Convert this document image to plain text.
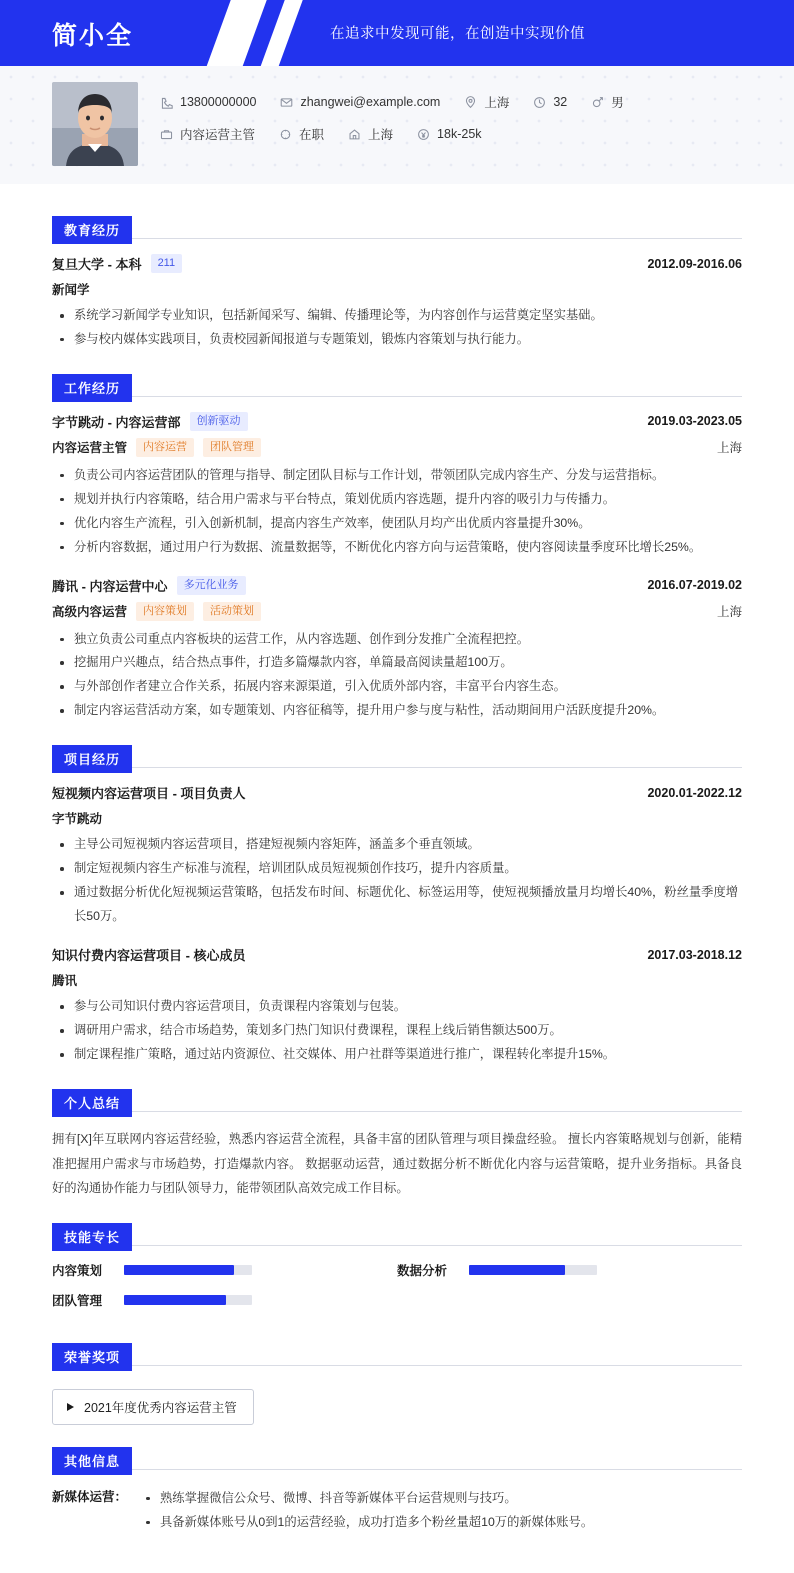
简小全	在追求中发现可能，在创造中实现价值
13800000000	zhangwei@example.com	上海	32	男
内容运营主管	在职	上海	18k-25k
教育经历
复旦大学 - 本科	211	2012.09-2016.06
新闻学
系统学习新闻学专业知识，包括新闻采写、编辑、传播理论等，为内容创作与运营奠定坚实基础。
参与校内媒体实践项目，负责校园新闻报道与专题策划，锻炼内容策划与执行能力。
工作经历
字节跳动 - 内容运营部	创新驱动	2019.03-2023.05
内容运营主管	内容运营	团队管理	上海
负责公司内容运营团队的管理与指导、制定团队目标与工作计划，带领团队完成内容生产、分发与运营指标。
规划并执行内容策略，结合用户需求与平台特点，策划优质内容选题，提升内容的吸引力与传播力。
优化内容生产流程，引入创新机制，提高内容生产效率，使团队月均产出优质内容量提升30%。
分析内容数据，通过用户行为数据、流量数据等，不断优化内容方向与运营策略，使内容阅读量季度环比增长25%。
腾讯 - 内容运营中心	多元化业务	2016.07-2019.02
高级内容运营	内容策划	活动策划	上海
独立负责公司重点内容板块的运营工作，从内容选题、创作到分发推广全流程把控。
挖掘用户兴趣点，结合热点事件，打造多篇爆款内容，单篇最高阅读量超100万。
与外部创作者建立合作关系，拓展内容来源渠道，引入优质外部内容，丰富平台内容生态。
制定内容运营活动方案，如专题策划、内容征稿等，提升用户参与度与粘性，活动期间用户活跃度提升20%。
项目经历
短视频内容运营项目 - 项目负责人	2020.01-2022.12
字节跳动
主导公司短视频内容运营项目，搭建短视频内容矩阵，涵盖多个垂直领域。
制定短视频内容生产标准与流程，培训团队成员短视频创作技巧，提升内容质量。
通过数据分析优化短视频运营策略，包括发布时间、标题优化、标签运用等，使短视频播放量月均增长40%，粉丝量季度增长50万。
知识付费内容运营项目 - 核心成员	2017.03-2018.12
腾讯
参与公司知识付费内容运营项目，负责课程内容策划与包装。
调研用户需求，结合市场趋势，策划多门热门知识付费课程，课程上线后销售额达500万。
制定课程推广策略，通过站内资源位、社交媒体、用户社群等渠道进行推广，课程转化率提升15%。
个人总结
拥有[X]年互联网内容运营经验，熟悉内容运营全流程，具备丰富的团队管理与项目操盘经验。 擅长内容策略规划与创新，能精准把握用户需求与市场趋势，打造爆款内容。 数据驱动运营，通过数据分析不断优化内容与运营策略，提升业务指标。具备良好的沟通协作能力与团队领导力，能带领团队高效完成工作目标。
技能专长
内容策划	数据分析
团队管理
荣誉奖项
2021年度优秀内容运营主管
其他信息
新媒体运营：	熟练掌握微信公众号、微博、抖音等新媒体平台运营规则与技巧。
具备新媒体账号从0到1的运营经验，成功打造多个粉丝量超10万的新媒体账号。
